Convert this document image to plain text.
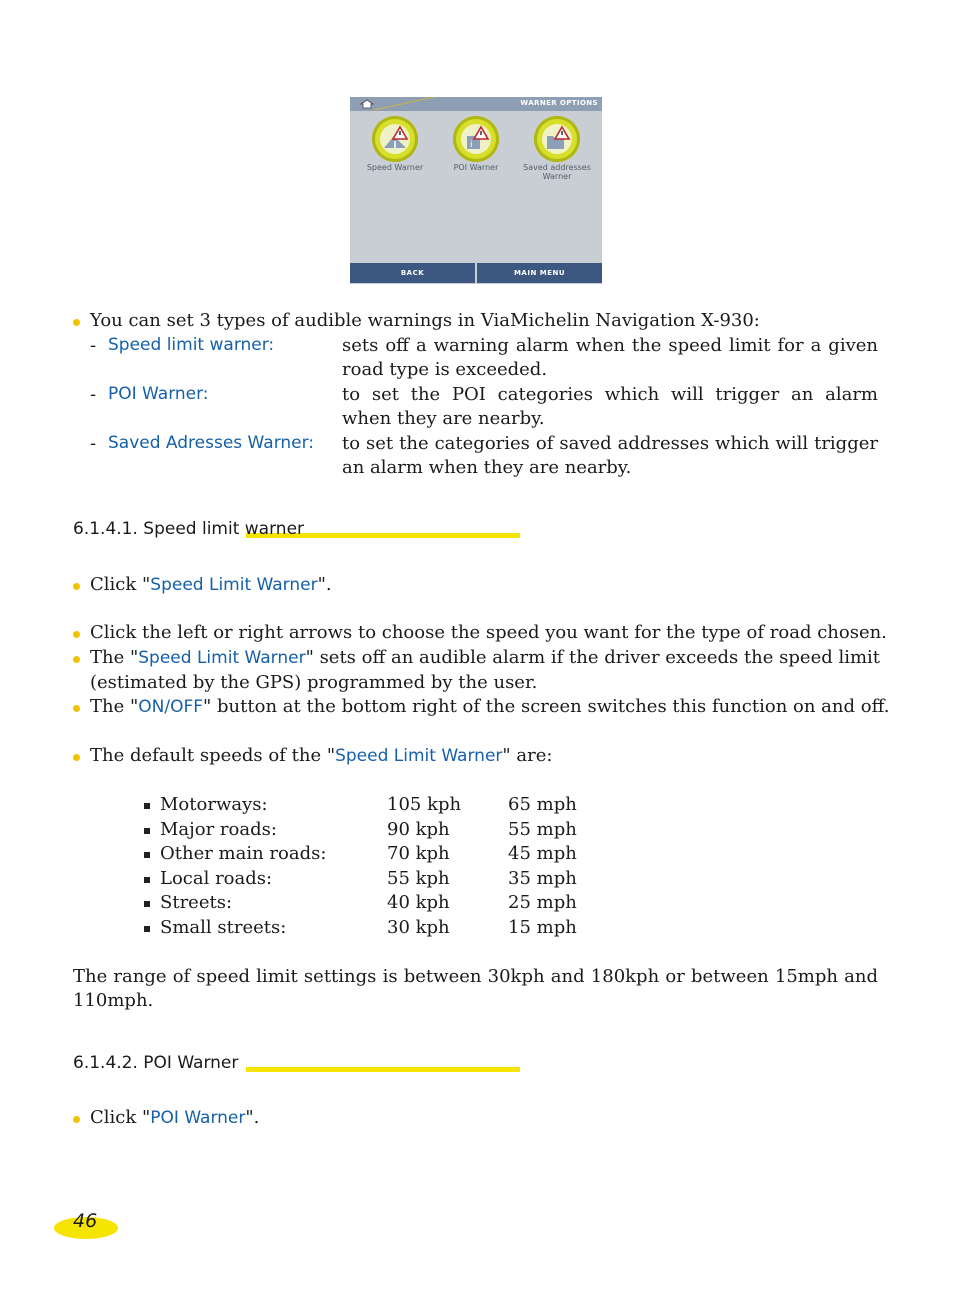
WARNER OPTIONS
Speed Warner
i
POI Warner	Saved addresses Warner
BACK	MAIN MENU
You can set 3 types of audible warnings in ViaMichelin Navigation X-930:
- Speed limit warner:	sets off a warning alarm when the speed limit for a given road type is exceeded.
- POI Warner:	to set the POI categories which will trigger an alarm when they are nearby.
- Saved Adresses Warner: to set the categories of saved addresses which will trigger an alarm when they are nearby.
6.1.4.1. Speed limit warner
Click "Speed Limit Warner".
Click the left or right arrows to choose the speed you want for the type of road chosen.
The "Speed Limit Warner" sets off an audible alarm if the driver exceeds the speed limit
(estimated by the GPS) programmed by the user.
The "ON/OFF" button at the bottom right of the screen switches this function on and off.
The default speeds of the "Speed Limit Warner" are:
Motorways:	105 kph	65 mph
Major roads:	90 kph	55 mph
Other main roads:	70 kph	45 mph
Local roads:	55 kph	35 mph
Streets:	40 kph	25 mph
Small streets:	30 kph	15 mph
The range of speed limit settings is between 30kph and 180kph or between 15mph and
110mph.
6.1.4.2. POI Warner
Click "POI Warner".
46
